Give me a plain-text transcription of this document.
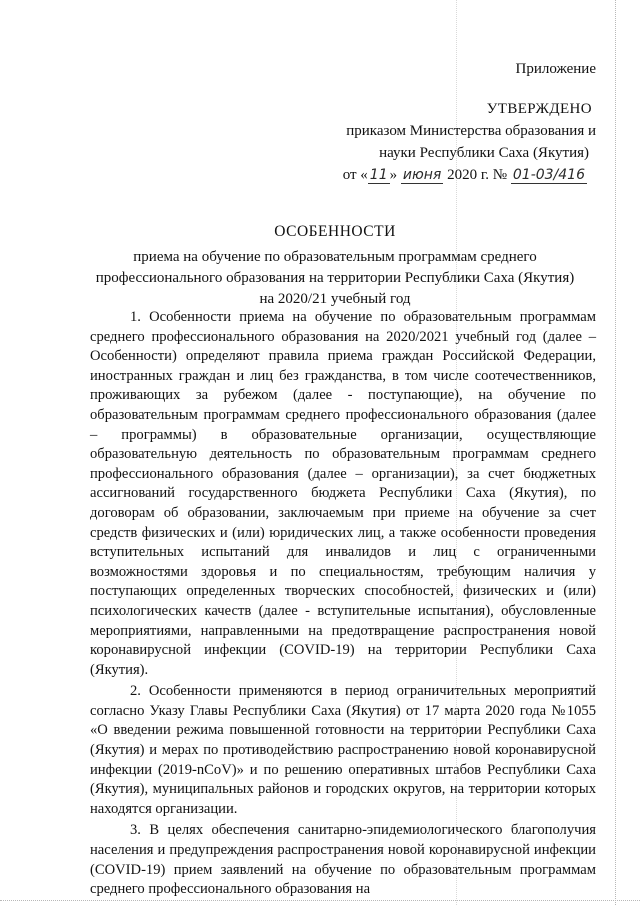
Приложение
УТВЕРЖДЕНО
приказом Министерства образования и
науки Республики Саха (Якутия)
от « 11 » июня 2020 г. № 01-03/416
ОСОБЕННОСТИ
приема на обучение по образовательным программам среднего
профессионального образования на территории Республики Саха (Якутия)
на 2020/21 учебный год

1. Особенности приема на обучение по образовательным программам среднего профессионального образования на 2020/2021 учебный год (далее – Особенности) определяют правила приема граждан Российской Федерации, иностранных граждан и лиц без гражданства, в том числе соотечественников, проживающих за рубежом (далее - поступающие), на обучение по образовательным программам среднего профессионального образования (далее – программы) в образовательные организации, осуществляющие образовательную деятельность по образовательным программам среднего профессионального образования (далее – организации), за счет бюджетных ассигнований государственного бюджета Республики Саха (Якутия), по договорам об образовании, заключаемым при приеме на обучение за счет средств физических и (или) юридических лиц, а также особенности проведения вступительных испытаний для инвалидов и лиц с ограниченными возможностями здоровья и по специальностям, требующим наличия у поступающих определенных творческих способностей, физических и (или) психологических качеств (далее - вступительные испытания), обусловленные мероприятиями, направленными на предотвращение распространения новой коронавирусной инфекции (COVID-19) на территории Республики Саха (Якутия).

2. Особенности применяются в период ограничительных мероприятий согласно Указу Главы Республики Саха (Якутия) от 17 марта 2020 года №1055 «О введении режима повышенной готовности на территории Республики Саха (Якутия) и мерах по противодействию распространению новой коронавирусной инфекции (2019-nCoV)» и по решению оперативных штабов Республики Саха (Якутия), муниципальных районов и городских округов, на территории которых находятся организации.

3. В целях обеспечения санитарно-эпидемиологического благополучия населения и предупреждения распространения новой коронавирусной инфекции (COVID-19) прием заявлений на обучение по образовательным программам среднего профессионального образования на
